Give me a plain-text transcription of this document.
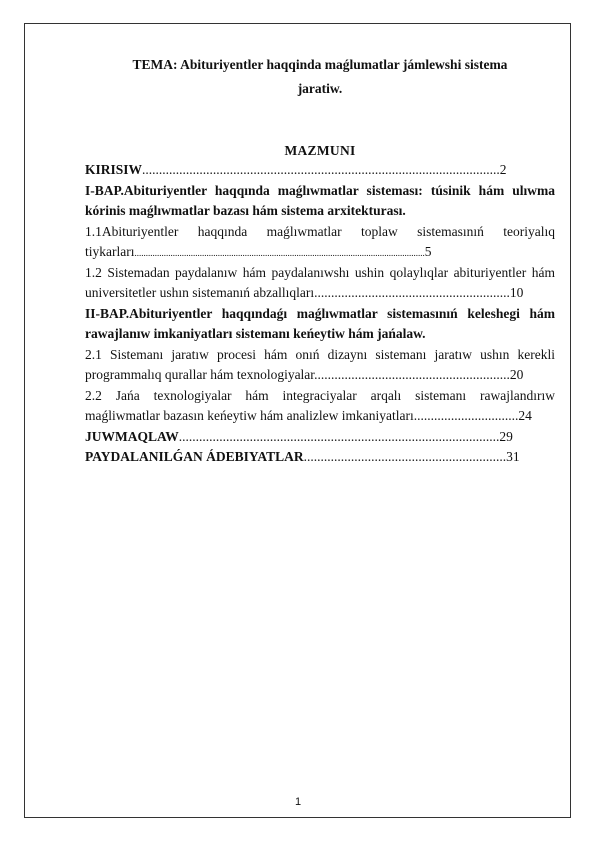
TEMA: Abituriyentler haqqinda maǵlumatlar jámlewshi sistema
jaratiw.
MAZMUNI
KIRISIW..........................................................................................................2
I-BAP.Abituriyentler haqqında maǵlıwmatlar sisteması: túsinik hám ulıwma
kórinis maǵlıwmatlar bazası hám sistema arxitekturası.
1.1Abituriyentler haqqında maǵlıwmatlar toplaw sistemasınıń teoriyalıq
tiykarları.................................................................................................................................5
1.2 Sistemadan paydalanıw hám paydalanıwshı ushin qolaylıqlar abituriyentler hám
universitetler ushın sistemanıń abzallıqları..........................................................10
II-BAP.Abituriyentler haqqındaǵı maǵlıwmatlar sistemasınıń keleshegi hám
rawajlanıw imkaniyatları sistemanı keńeytiw hám jańalaw.
2.1 Sistemanı jaratıw procesi hám onıń dizaynı sistemanı jaratıw ushın kerekli
programmalıq qurallar hám texnologiyalar..........................................................20
2.2 Jańa texnologiyalar hám integraciyalar arqalı sistemanı rawajlandırıw
maǵliwmatlar bazasın keńeytiw hám analizlew imkaniyatları...............................24
JUWMAQLAW...............................................................................................29
PAYDALANILǴAN ÁDEBIYATLAR............................................................31
1
